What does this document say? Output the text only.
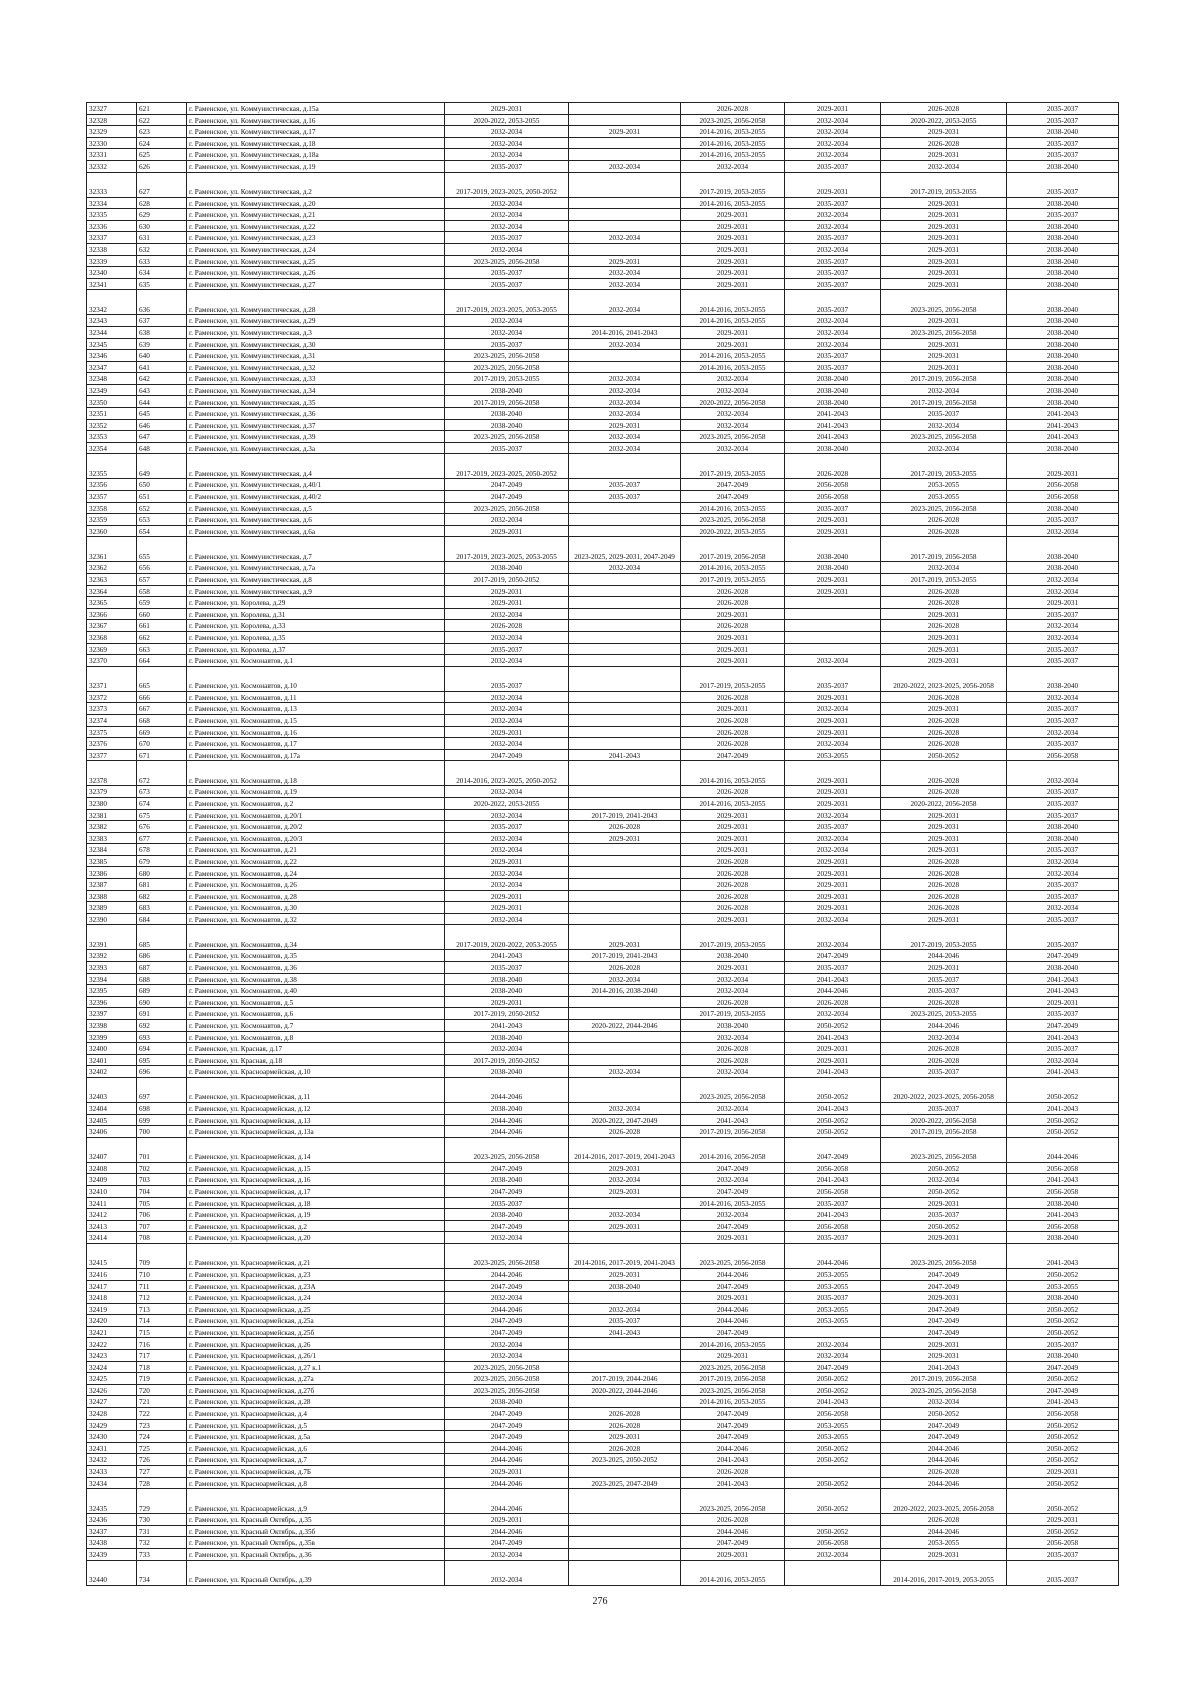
32327	621	г. Раменское, ул. Коммунистическая, д.15а	2029-2031		2026-2028	2029-2031	2026-2028	2035-2037
32328	622	г. Раменское, ул. Коммунистическая, д.16	2020-2022, 2053-2055		2023-2025, 2056-2058	2032-2034	2020-2022, 2053-2055	2035-2037
32329	623	г. Раменское, ул. Коммунистическая, д.17	2032-2034	2029-2031	2014-2016, 2053-2055	2032-2034	2029-2031	2038-2040
32330	624	г. Раменское, ул. Коммунистическая, д.18	2032-2034		2014-2016, 2053-2055	2032-2034	2026-2028	2035-2037
32331	625	г. Раменское, ул. Коммунистическая, д.18а	2032-2034		2014-2016, 2053-2055	2032-2034	2029-2031	2035-2037
32332	626	г. Раменское, ул. Коммунистическая, д.19	2035-2037	2032-2034	2032-2034	2035-2037	2032-2034	2038-2040
32333	627	г. Раменское, ул. Коммунистическая, д.2	2017-2019, 2023-2025, 2050-2052		2017-2019, 2053-2055	2029-2031	2017-2019, 2053-2055	2035-2037
32334	628	г. Раменское, ул. Коммунистическая, д.20	2032-2034		2014-2016, 2053-2055	2035-2037	2029-2031	2038-2040
32335	629	г. Раменское, ул. Коммунистическая, д.21	2032-2034		2029-2031	2032-2034	2029-2031	2035-2037
32336	630	г. Раменское, ул. Коммунистическая, д.22	2032-2034		2029-2031	2032-2034	2029-2031	2038-2040
32337	631	г. Раменское, ул. Коммунистическая, д.23	2035-2037	2032-2034	2029-2031	2035-2037	2029-2031	2038-2040
32338	632	г. Раменское, ул. Коммунистическая, д.24	2032-2034		2029-2031	2032-2034	2029-2031	2038-2040
32339	633	г. Раменское, ул. Коммунистическая, д.25	2023-2025, 2056-2058	2029-2031	2029-2031	2035-2037	2029-2031	2038-2040
32340	634	г. Раменское, ул. Коммунистическая, д.26	2035-2037	2032-2034	2029-2031	2035-2037	2029-2031	2038-2040
32341	635	г. Раменское, ул. Коммунистическая, д.27	2035-2037	2032-2034	2029-2031	2035-2037	2029-2031	2038-2040
32342	636	г. Раменское, ул. Коммунистическая, д.28	2017-2019, 2023-2025, 2053-2055	2032-2034	2014-2016, 2053-2055	2035-2037	2023-2025, 2056-2058	2038-2040
32343	637	г. Раменское, ул. Коммунистическая, д.29	2032-2034		2014-2016, 2053-2055	2032-2034	2029-2031	2038-2040
32344	638	г. Раменское, ул. Коммунистическая, д.3	2032-2034	2014-2016, 2041-2043	2029-2031	2032-2034	2023-2025, 2056-2058	2038-2040
32345	639	г. Раменское, ул. Коммунистическая, д.30	2035-2037	2032-2034	2029-2031	2032-2034	2029-2031	2038-2040
32346	640	г. Раменское, ул. Коммунистическая, д.31	2023-2025, 2056-2058		2014-2016, 2053-2055	2035-2037	2029-2031	2038-2040
32347	641	г. Раменское, ул. Коммунистическая, д.32	2023-2025, 2056-2058		2014-2016, 2053-2055	2035-2037	2029-2031	2038-2040
32348	642	г. Раменское, ул. Коммунистическая, д.33	2017-2019, 2053-2055	2032-2034	2032-2034	2038-2040	2017-2019, 2056-2058	2038-2040
32349	643	г. Раменское, ул. Коммунистическая, д.34	2038-2040	2032-2034	2032-2034	2038-2040	2032-2034	2038-2040
32350	644	г. Раменское, ул. Коммунистическая, д.35	2017-2019, 2056-2058	2032-2034	2020-2022, 2056-2058	2038-2040	2017-2019, 2056-2058	2038-2040
32351	645	г. Раменское, ул. Коммунистическая, д.36	2038-2040	2032-2034	2032-2034	2041-2043	2035-2037	2041-2043
32352	646	г. Раменское, ул. Коммунистическая, д.37	2038-2040	2029-2031	2032-2034	2041-2043	2032-2034	2041-2043
32353	647	г. Раменское, ул. Коммунистическая, д.39	2023-2025, 2056-2058	2032-2034	2023-2025, 2056-2058	2041-2043	2023-2025, 2056-2058	2041-2043
32354	648	г. Раменское, ул. Коммунистическая, д.3а	2035-2037	2032-2034	2032-2034	2038-2040	2032-2034	2038-2040
32355	649	г. Раменское, ул. Коммунистическая, д.4	2017-2019, 2023-2025, 2050-2052		2017-2019, 2053-2055	2026-2028	2017-2019, 2053-2055	2029-2031
32356	650	г. Раменское, ул. Коммунистическая, д.40/1	2047-2049	2035-2037	2047-2049	2056-2058	2053-2055	2056-2058
32357	651	г. Раменское, ул. Коммунистическая, д.40/2	2047-2049	2035-2037	2047-2049	2056-2058	2053-2055	2056-2058
32358	652	г. Раменское, ул. Коммунистическая, д.5	2023-2025, 2056-2058		2014-2016, 2053-2055	2035-2037	2023-2025, 2056-2058	2038-2040
32359	653	г. Раменское, ул. Коммунистическая, д.6	2032-2034		2023-2025, 2056-2058	2029-2031	2026-2028	2035-2037
32360	654	г. Раменское, ул. Коммунистическая, д.6а	2029-2031		2020-2022, 2053-2055	2029-2031	2026-2028	2032-2034
32361	655	г. Раменское, ул. Коммунистическая, д.7	2017-2019, 2023-2025, 2053-2055	2023-2025, 2029-2031, 2047-2049	2017-2019, 2056-2058	2038-2040	2017-2019, 2056-2058	2038-2040
32362	656	г. Раменское, ул. Коммунистическая, д.7а	2038-2040	2032-2034	2014-2016, 2053-2055	2038-2040	2032-2034	2038-2040
32363	657	г. Раменское, ул. Коммунистическая, д.8	2017-2019, 2050-2052		2017-2019, 2053-2055	2029-2031	2017-2019, 2053-2055	2032-2034
32364	658	г. Раменское, ул. Коммунистическая, д.9	2029-2031		2026-2028	2029-2031	2026-2028	2032-2034
32365	659	г. Раменское, ул. Королева, д.29	2029-2031		2026-2028		2026-2028	2029-2031
32366	660	г. Раменское, ул. Королева, д.31	2032-2034		2029-2031		2029-2031	2035-2037
32367	661	г. Раменское, ул. Королева, д.33	2026-2028		2026-2028		2026-2028	2032-2034
32368	662	г. Раменское, ул. Королева, д.35	2032-2034		2029-2031		2029-2031	2032-2034
32369	663	г. Раменское, ул. Королева, д.37	2035-2037		2029-2031		2029-2031	2035-2037
32370	664	г. Раменское, ул. Космонавтов, д.1	2032-2034		2029-2031	2032-2034	2029-2031	2035-2037
32371	665	г. Раменское, ул. Космонавтов, д.10	2035-2037		2017-2019, 2053-2055	2035-2037	2020-2022, 2023-2025, 2056-2058	2038-2040
32372	666	г. Раменское, ул. Космонавтов, д.11	2032-2034		2026-2028	2029-2031	2026-2028	2032-2034
32373	667	г. Раменское, ул. Космонавтов, д.13	2032-2034		2029-2031	2032-2034	2029-2031	2035-2037
32374	668	г. Раменское, ул. Космонавтов, д.15	2032-2034		2026-2028	2029-2031	2026-2028	2035-2037
32375	669	г. Раменское, ул. Космонавтов, д.16	2029-2031		2026-2028	2029-2031	2026-2028	2032-2034
32376	670	г. Раменское, ул. Космонавтов, д.17	2032-2034		2026-2028	2032-2034	2026-2028	2035-2037
32377	671	г. Раменское, ул. Космонавтов, д.17а	2047-2049	2041-2043	2047-2049	2053-2055	2050-2052	2056-2058
32378	672	г. Раменское, ул. Космонавтов, д.18	2014-2016, 2023-2025, 2050-2052		2014-2016, 2053-2055	2029-2031	2026-2028	2032-2034
32379	673	г. Раменское, ул. Космонавтов, д.19	2032-2034		2026-2028	2029-2031	2026-2028	2035-2037
32380	674	г. Раменское, ул. Космонавтов, д.2	2020-2022, 2053-2055		2014-2016, 2053-2055	2029-2031	2020-2022, 2056-2058	2035-2037
32381	675	г. Раменское, ул. Космонавтов, д.20/1	2032-2034	2017-2019, 2041-2043	2029-2031	2032-2034	2029-2031	2035-2037
32382	676	г. Раменское, ул. Космонавтов, д.20/2	2035-2037	2026-2028	2029-2031	2035-2037	2029-2031	2038-2040
32383	677	г. Раменское, ул. Космонавтов, д.20/3	2032-2034	2029-2031	2029-2031	2032-2034	2029-2031	2038-2040
32384	678	г. Раменское, ул. Космонавтов, д.21	2032-2034		2029-2031	2032-2034	2029-2031	2035-2037
32385	679	г. Раменское, ул. Космонавтов, д.22	2029-2031		2026-2028	2029-2031	2026-2028	2032-2034
32386	680	г. Раменское, ул. Космонавтов, д.24	2032-2034		2026-2028	2029-2031	2026-2028	2032-2034
32387	681	г. Раменское, ул. Космонавтов, д.26	2032-2034		2026-2028	2029-2031	2026-2028	2035-2037
32388	682	г. Раменское, ул. Космонавтов, д.28	2029-2031		2026-2028	2029-2031	2026-2028	2035-2037
32389	683	г. Раменское, ул. Космонавтов, д.30	2029-2031		2026-2028	2029-2031	2026-2028	2032-2034
32390	684	г. Раменское, ул. Космонавтов, д.32	2032-2034		2029-2031	2032-2034	2029-2031	2035-2037
32391	685	г. Раменское, ул. Космонавтов, д.34	2017-2019, 2020-2022, 2053-2055	2029-2031	2017-2019, 2053-2055	2032-2034	2017-2019, 2053-2055	2035-2037
32392	686	г. Раменское, ул. Космонавтов, д.35	2041-2043	2017-2019, 2041-2043	2038-2040	2047-2049	2044-2046	2047-2049
32393	687	г. Раменское, ул. Космонавтов, д.36	2035-2037	2026-2028	2029-2031	2035-2037	2029-2031	2038-2040
32394	688	г. Раменское, ул. Космонавтов, д.38	2038-2040	2032-2034	2032-2034	2041-2043	2035-2037	2041-2043
32395	689	г. Раменское, ул. Космонавтов, д.40	2038-2040	2014-2016, 2038-2040	2032-2034	2044-2046	2035-2037	2041-2043
32396	690	г. Раменское, ул. Космонавтов, д.5	2029-2031		2026-2028	2026-2028	2026-2028	2029-2031
32397	691	г. Раменское, ул. Космонавтов, д.6	2017-2019, 2050-2052		2017-2019, 2053-2055	2032-2034	2023-2025, 2053-2055	2035-2037
32398	692	г. Раменское, ул. Космонавтов, д.7	2041-2043	2020-2022, 2044-2046	2038-2040	2050-2052	2044-2046	2047-2049
32399	693	г. Раменское, ул. Космонавтов, д.8	2038-2040		2032-2034	2041-2043	2032-2034	2041-2043
32400	694	г. Раменское, ул. Красная, д.17	2032-2034		2026-2028	2029-2031	2026-2028	2035-2037
32401	695	г. Раменское, ул. Красная, д.18	2017-2019, 2050-2052		2026-2028	2029-2031	2026-2028	2032-2034
32402	696	г. Раменское, ул. Красноармейская, д.10	2038-2040	2032-2034	2032-2034	2041-2043	2035-2037	2041-2043
32403	697	г. Раменское, ул. Красноармейская, д.11	2044-2046		2023-2025, 2056-2058	2050-2052	2020-2022, 2023-2025, 2056-2058	2050-2052
32404	698	г. Раменское, ул. Красноармейская, д.12	2038-2040	2032-2034	2032-2034	2041-2043	2035-2037	2041-2043
32405	699	г. Раменское, ул. Красноармейская, д.13	2044-2046	2020-2022, 2047-2049	2041-2043	2050-2052	2020-2022, 2056-2058	2050-2052
32406	700	г. Раменское, ул. Красноармейская, д.13а	2044-2046	2026-2028	2017-2019, 2056-2058	2050-2052	2017-2019, 2056-2058	2050-2052
32407	701	г. Раменское, ул. Красноармейская, д.14	2023-2025, 2056-2058	2014-2016, 2017-2019, 2041-2043	2014-2016, 2056-2058	2047-2049	2023-2025, 2056-2058	2044-2046
32408	702	г. Раменское, ул. Красноармейская, д.15	2047-2049	2029-2031	2047-2049	2056-2058	2050-2052	2056-2058
32409	703	г. Раменское, ул. Красноармейская, д.16	2038-2040	2032-2034	2032-2034	2041-2043	2032-2034	2041-2043
32410	704	г. Раменское, ул. Красноармейская, д.17	2047-2049	2029-2031	2047-2049	2056-2058	2050-2052	2056-2058
32411	705	г. Раменское, ул. Красноармейская, д.18	2035-2037		2014-2016, 2053-2055	2035-2037	2029-2031	2038-2040
32412	706	г. Раменское, ул. Красноармейская, д.19	2038-2040	2032-2034	2032-2034	2041-2043	2035-2037	2041-2043
32413	707	г. Раменское, ул. Красноармейская, д.2	2047-2049	2029-2031	2047-2049	2056-2058	2050-2052	2056-2058
32414	708	г. Раменское, ул. Красноармейская, д.20	2032-2034		2029-2031	2035-2037	2029-2031	2038-2040
32415	709	г. Раменское, ул. Красноармейская, д.21	2023-2025, 2056-2058	2014-2016, 2017-2019, 2041-2043	2023-2025, 2056-2058	2044-2046	2023-2025, 2056-2058	2041-2043
32416	710	г. Раменское, ул. Красноармейская, д.23	2044-2046	2029-2031	2044-2046	2053-2055	2047-2049	2050-2052
32417	711	г. Раменское, ул. Красноармейская, д.23А	2047-2049	2038-2040	2047-2049	2053-2055	2047-2049	2053-2055
32418	712	г. Раменское, ул. Красноармейская, д.24	2032-2034		2029-2031	2035-2037	2029-2031	2038-2040
32419	713	г. Раменское, ул. Красноармейская, д.25	2044-2046	2032-2034	2044-2046	2053-2055	2047-2049	2050-2052
32420	714	г. Раменское, ул. Красноармейская, д.25а	2047-2049	2035-2037	2044-2046	2053-2055	2047-2049	2050-2052
32421	715	г. Раменское, ул. Красноармейская, д.25б	2047-2049	2041-2043	2047-2049		2047-2049	2050-2052
32422	716	г. Раменское, ул. Красноармейская, д.26	2032-2034		2014-2016, 2053-2055	2032-2034	2029-2031	2035-2037
32423	717	г. Раменское, ул. Красноармейская, д.26/1	2032-2034		2029-2031	2032-2034	2029-2031	2038-2040
32424	718	г. Раменское, ул. Красноармейская, д.27 к.1	2023-2025, 2056-2058		2023-2025, 2056-2058	2047-2049	2041-2043	2047-2049
32425	719	г. Раменское, ул. Красноармейская, д.27а	2023-2025, 2056-2058	2017-2019, 2044-2046	2017-2019, 2056-2058	2050-2052	2017-2019, 2056-2058	2050-2052
32426	720	г. Раменское, ул. Красноармейская, д.27б	2023-2025, 2056-2058	2020-2022, 2044-2046	2023-2025, 2056-2058	2050-2052	2023-2025, 2056-2058	2047-2049
32427	721	г. Раменское, ул. Красноармейская, д.28	2038-2040		2014-2016, 2053-2055	2041-2043	2032-2034	2041-2043
32428	722	г. Раменское, ул. Красноармейская, д.4	2047-2049	2026-2028	2047-2049	2056-2058	2050-2052	2056-2058
32429	723	г. Раменское, ул. Красноармейская, д.5	2047-2049	2026-2028	2047-2049	2053-2055	2047-2049	2050-2052
32430	724	г. Раменское, ул. Красноармейская, д.5а	2047-2049	2029-2031	2047-2049	2053-2055	2047-2049	2050-2052
32431	725	г. Раменское, ул. Красноармейская, д.6	2044-2046	2026-2028	2044-2046	2050-2052	2044-2046	2050-2052
32432	726	г. Раменское, ул. Красноармейская, д.7	2044-2046	2023-2025, 2050-2052	2041-2043	2050-2052	2044-2046	2050-2052
32433	727	г. Раменское, ул. Красноармейская, д.7Б	2029-2031		2026-2028		2026-2028	2029-2031
32434	728	г. Раменское, ул. Красноармейская, д.8	2044-2046	2023-2025, 2047-2049	2041-2043	2050-2052	2044-2046	2050-2052
32435	729	г. Раменское, ул. Красноармейская, д.9	2044-2046		2023-2025, 2056-2058	2050-2052	2020-2022, 2023-2025, 2056-2058	2050-2052
32436	730	г. Раменское, ул. Красный Октябрь, д.35	2029-2031		2026-2028		2026-2028	2029-2031
32437	731	г. Раменское, ул. Красный Октябрь, д.35б	2044-2046		2044-2046	2050-2052	2044-2046	2050-2052
32438	732	г. Раменское, ул. Красный Октябрь, д.35в	2047-2049		2047-2049	2056-2058	2053-2055	2056-2058
32439	733	г. Раменское, ул. Красный Октябрь, д.36	2032-2034		2029-2031	2032-2034	2029-2031	2035-2037
32440	734	г. Раменское, ул. Красный Октябрь, д.39	2032-2034		2014-2016, 2053-2055		2014-2016, 2017-2019, 2053-2055	2035-2037
276
